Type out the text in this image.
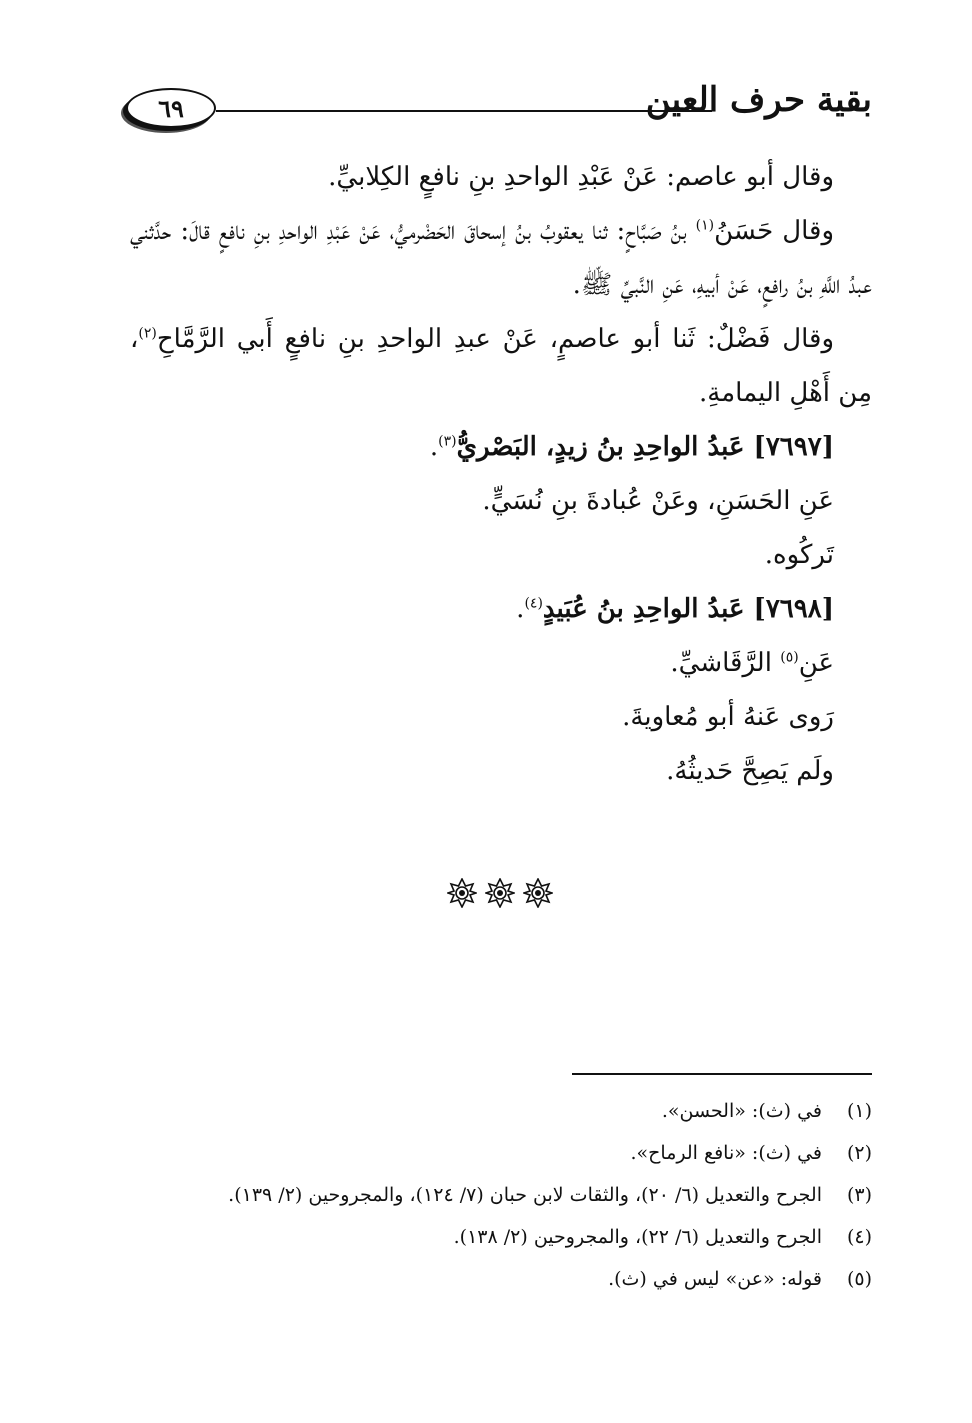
بقية حرف العين
٦٩

وقال أبو عاصم: عَنْ عَبْدِ الواحدِ بنِ نافعٍ الكِلابيِّ.

وقال حَسَنُ$^{(١)}$ بنُ صَبَّاحٍ: ثنا يعقوبُ بنُ إسحاقَ الحَضْرميُّ، عَنْ عَبْدِ الواحدِ بنِ نافعٍ قالَ: حدَّثني عبدُ اللَّهِ بنُ رافعٍ، عَنْ أبيهِ، عَنِ النَّبيِّ ﷺ.

وقال فَضْلٌ: ثَنا أبو عاصمٍ، عَنْ عبدِ الواحدِ بنِ نافعٍ أَبي الرَّمَّاحِ$^{(٢)}$، مِن أَهْلِ اليمامةِ.

[٧٦٩٧] عَبدُ الواحِدِ بنُ زيدٍ، البَصْريُّ$^{(٣)}$.

عَنِ الحَسَنِ، وعَنْ عُبادةَ بنِ نُسَيٍّ.

تَركُوه.

[٧٦٩٨] عَبدُ الواحِدِ بنُ عُبَيدٍ$^{(٤)}$.

عَنِ$^{(٥)}$ الرَّقَاشيِّ.

رَوى عَنهُ أبو مُعاويةَ.

ولَم يَصِحَّ حَديثُهُ.

(١)في (ث): «الحسن».

(٢)في (ث): «نافع الرماح».

(٣)الجرح والتعديل (٦/ ٢٠)، والثقات لابن حبان (٧/ ١٢٤)، والمجروحين (٢/ ١٣٩).

(٤)الجرح والتعديل (٦/ ٢٢)، والمجروحين (٢/ ١٣٨).

(٥)قوله: «عن» ليس في (ث).
